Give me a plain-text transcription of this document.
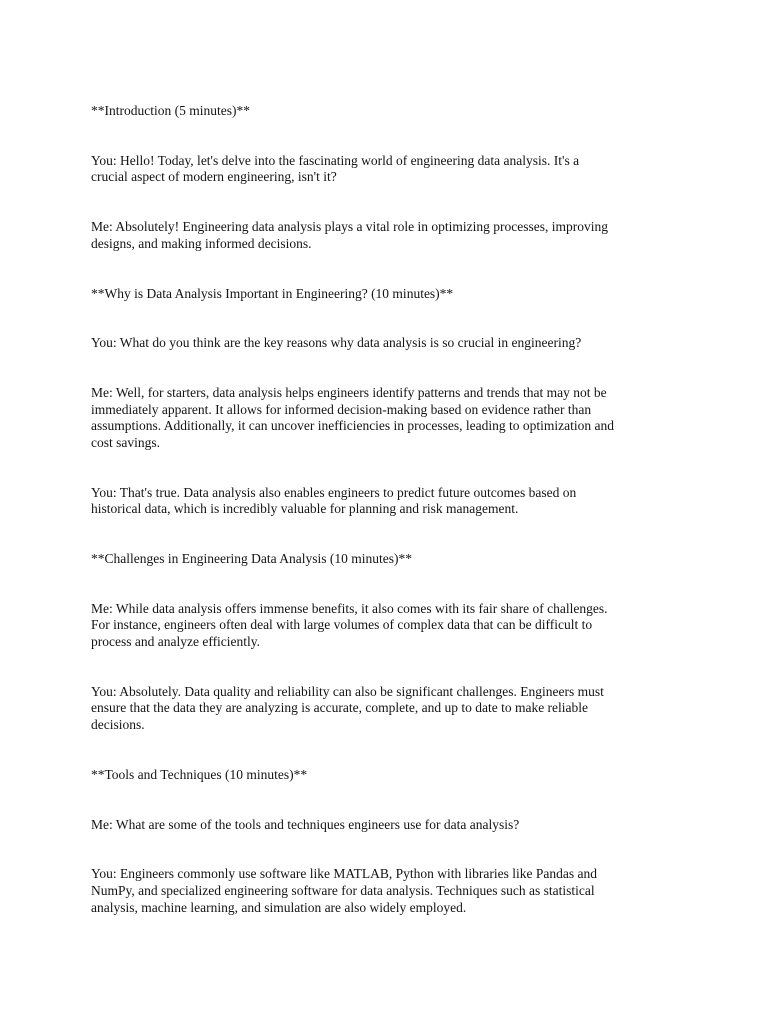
**Introduction (5 minutes)**
You: Hello! Today, let's delve into the fascinating world of engineering data analysis. It's a
crucial aspect of modern engineering, isn't it?
Me: Absolutely! Engineering data analysis plays a vital role in optimizing processes, improving
designs, and making informed decisions.
**Why is Data Analysis Important in Engineering? (10 minutes)**
You: What do you think are the key reasons why data analysis is so crucial in engineering?
Me: Well, for starters, data analysis helps engineers identify patterns and trends that may not be
immediately apparent. It allows for informed decision-making based on evidence rather than
assumptions. Additionally, it can uncover inefficiencies in processes, leading to optimization and
cost savings.
You: That's true. Data analysis also enables engineers to predict future outcomes based on
historical data, which is incredibly valuable for planning and risk management.
**Challenges in Engineering Data Analysis (10 minutes)**
Me: While data analysis offers immense benefits, it also comes with its fair share of challenges.
For instance, engineers often deal with large volumes of complex data that can be difficult to
process and analyze efficiently.
You: Absolutely. Data quality and reliability can also be significant challenges. Engineers must
ensure that the data they are analyzing is accurate, complete, and up to date to make reliable
decisions.
**Tools and Techniques (10 minutes)**
Me: What are some of the tools and techniques engineers use for data analysis?
You: Engineers commonly use software like MATLAB, Python with libraries like Pandas and
NumPy, and specialized engineering software for data analysis. Techniques such as statistical
analysis, machine learning, and simulation are also widely employed.
